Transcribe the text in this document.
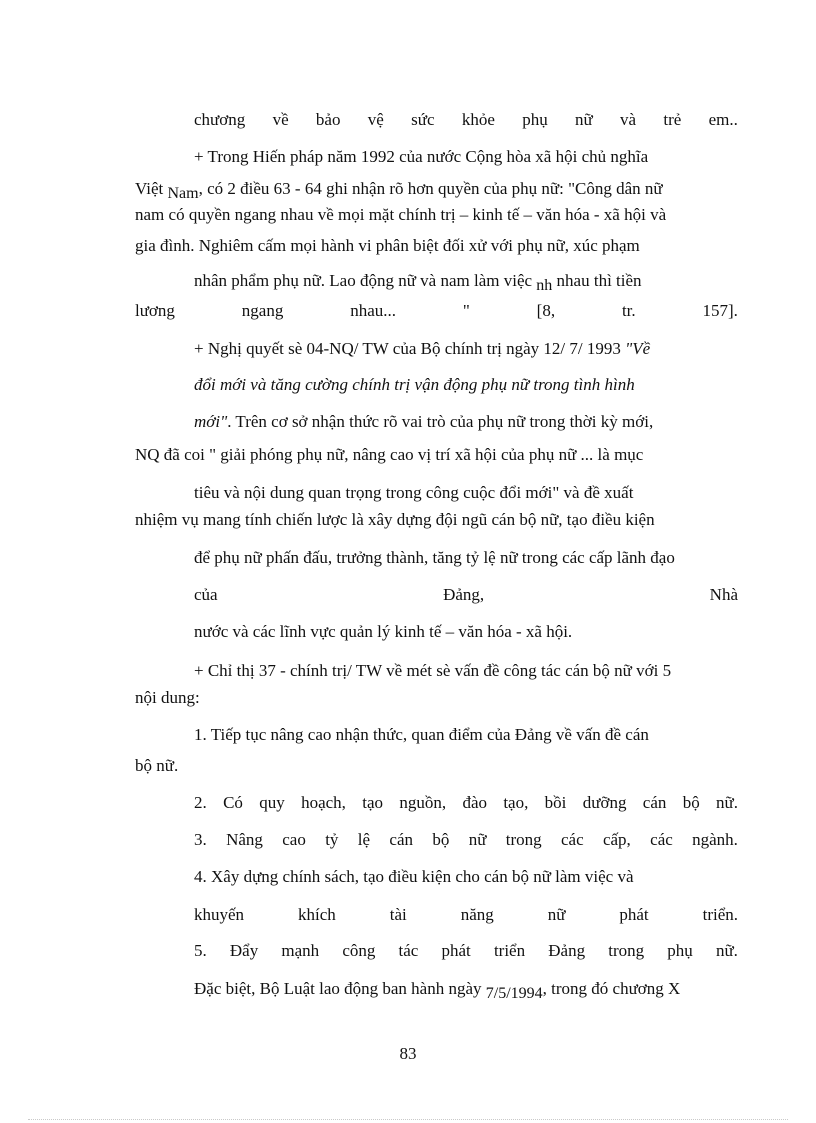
chương về bảo vệ sức khỏe phụ nữ và trẻ em..
+ Trong Hiến pháp năm 1992 của nước Cộng hòa xã hội chủ nghĩa
Việt Nam, có 2 điều 63 - 64 ghi nhận rõ hơn quyền của phụ nữ: "Công dân nữ
nam có quyền ngang nhau về mọi mặt chính trị – kinh tế – văn hóa - xã hội và
gia đình. Nghiêm cấm mọi hành vi phân biệt đối xử với phụ nữ, xúc phạm
nhân phẩm phụ nữ. Lao động nữ và nam làm việc nh nhau thì tiền
lương	ngang	nhau...	"	[8,	tr.	157].
+ Nghị quyết sè 04-NQ/ TW của Bộ chính trị ngày 12/ 7/ 1993 "Về
đổi mới và tăng cường chính trị vận động phụ nữ trong tình hình
mới". Trên cơ sở nhận thức rõ vai trò của phụ nữ trong thời kỳ mới,
NQ đã coi " giải phóng phụ nữ, nâng cao vị trí xã hội của phụ nữ ... là mục
tiêu và nội dung quan trọng trong công cuộc đổi mới" và đề xuất
nhiệm vụ mang tính chiến lược là xây dựng đội ngũ cán bộ nữ, tạo điều kiện
để phụ nữ phấn đấu, trưởng thành, tăng tỷ lệ nữ trong các cấp lãnh đạo
của	Đảng,	Nhà
nước và các lĩnh vực quản lý kinh tế – văn hóa - xã hội.
+ Chỉ thị 37 - chính trị/ TW về mét sè vấn đề công tác cán bộ nữ với 5
nội dung:
1. Tiếp tục nâng cao nhận thức, quan điểm của Đảng về vấn đề cán
bộ nữ.
2. Có quy hoạch, tạo nguồn, đào tạo, bồi dưỡng cán bộ nữ.
3. Nâng cao tỷ lệ cán bộ nữ trong các cấp, các ngành.
4. Xây dựng chính sách, tạo điều kiện cho cán bộ nữ làm việc và
khuyến	khích	tài	năng	nữ	phát	triển.
5. Đẩy mạnh công tác phát triển Đảng trong phụ nữ.
Đặc biệt, Bộ Luật lao động ban hành ngày 7/5/1994, trong đó chương X
83
